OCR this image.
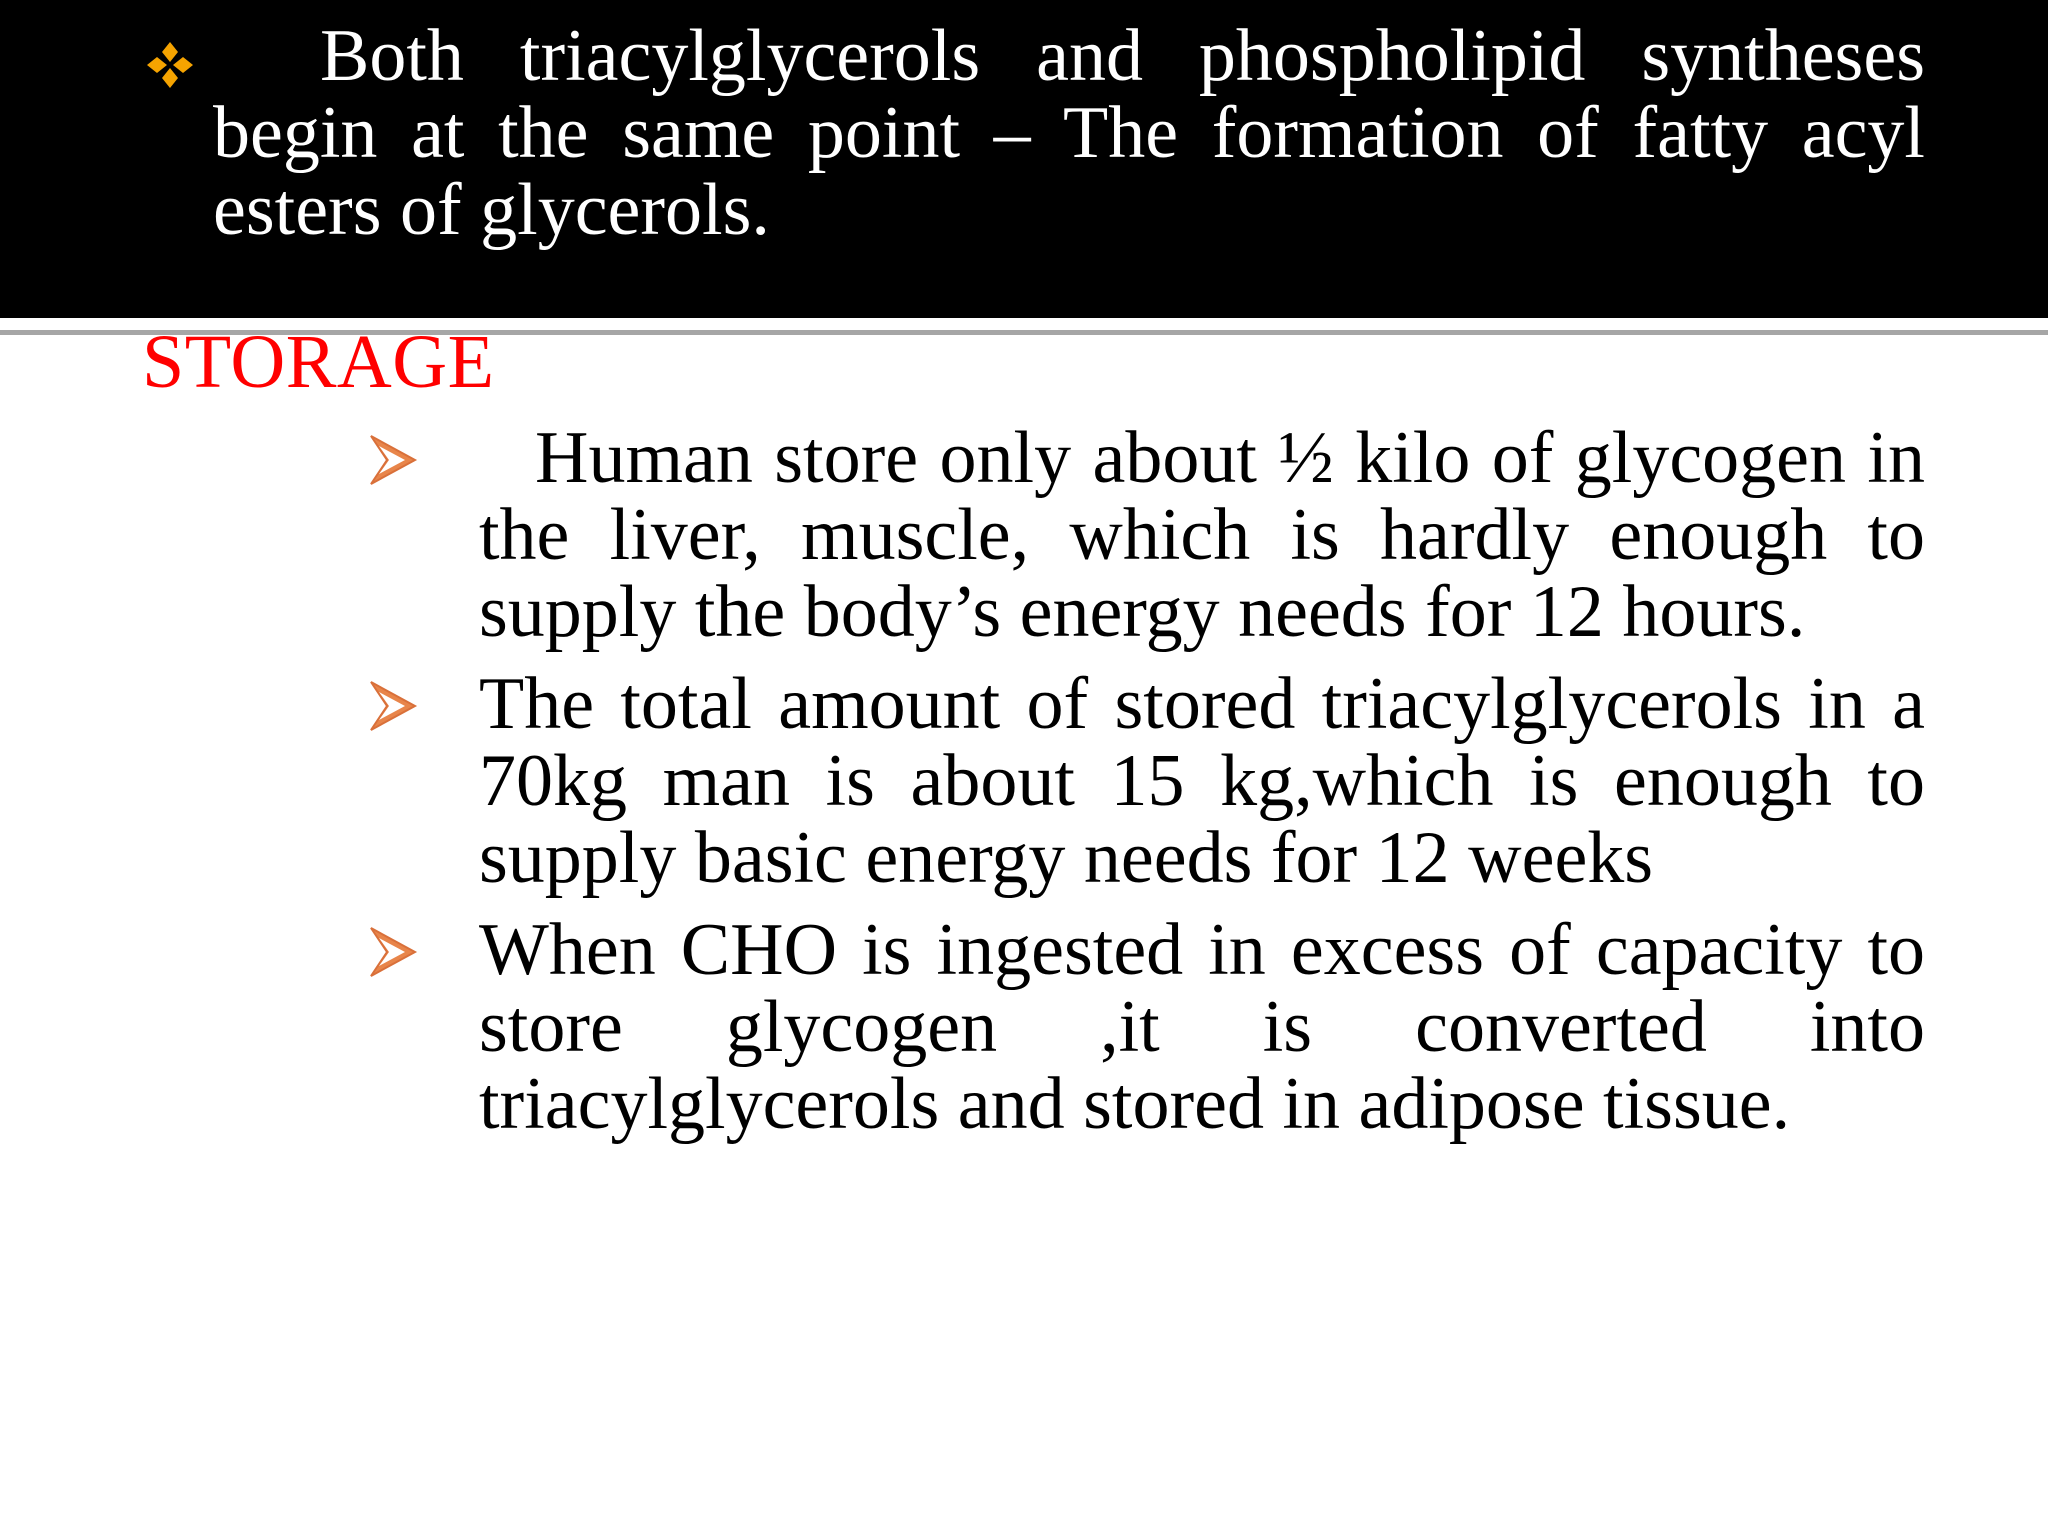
Both triacylglycerols and phospholipid syntheses begin at the same point – The formation of fatty acyl esters of glycerols.
STORAGE
Human store only about ½ kilo of glycogen in the liver, muscle, which is hardly enough to supply the body’s energy needs for 12 hours.
The total amount of stored triacylglycerols in a 70kg man is about 15 kg,which is enough to supply basic energy needs for 12 weeks
When CHO is ingested in excess of capacity to store glycogen ,it is converted into triacylglycerols and stored in adipose tissue.
